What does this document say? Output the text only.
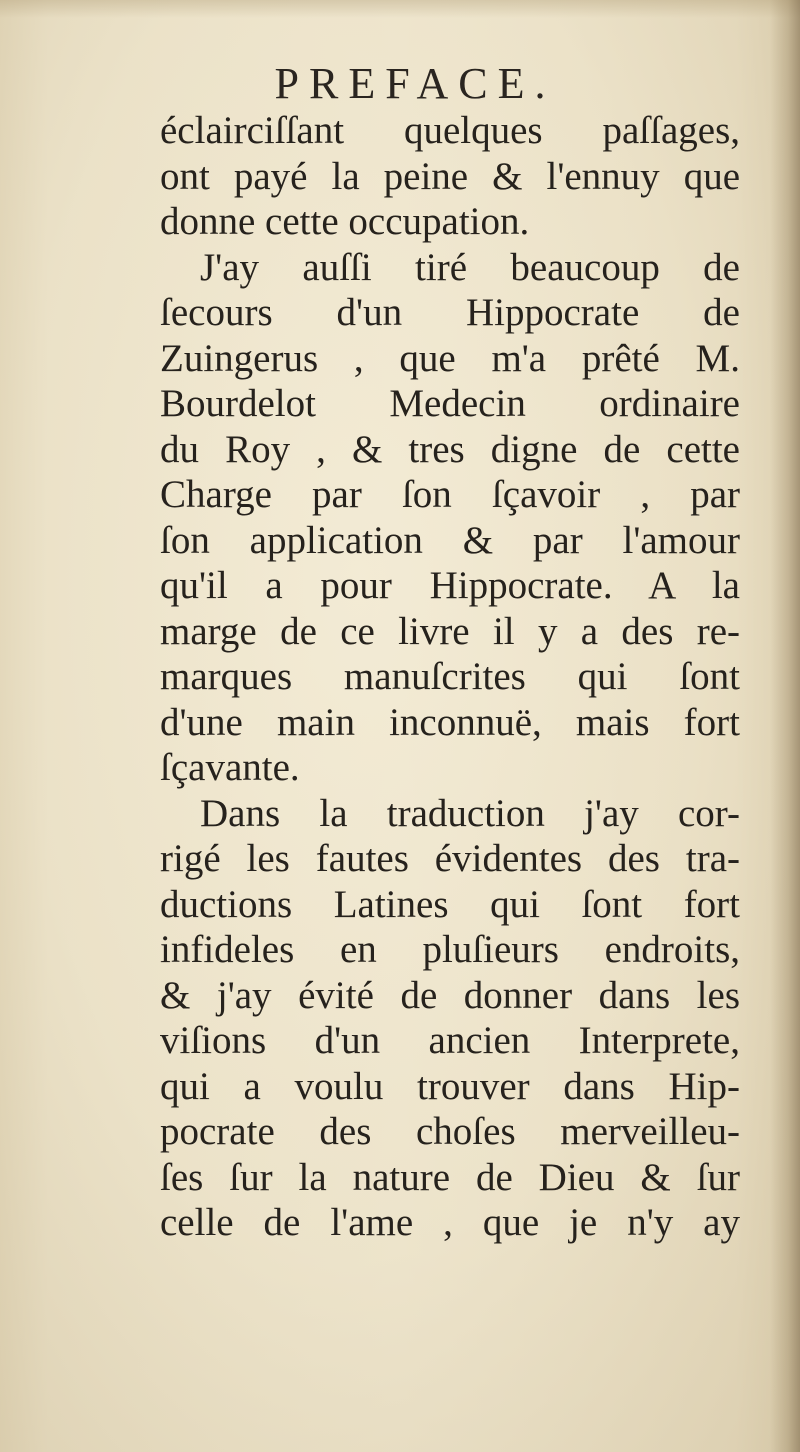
PREFACE.
éclairciſſant quelques paſſages,
ont payé la peine & l'ennuy que
donne cette occupation.
J'ay auſſi tiré beaucoup de
ſecours d'un Hippocrate de
Zuingerus , que m'a prêté M.
Bourdelot Medecin ordinaire
du Roy , & tres digne de cette
Charge par ſon ſçavoir , par
ſon application & par l'amour
qu'il a pour Hippocrate. A la
marge de ce livre il y a des re-
marques manuſcrites qui ſont
d'une main inconnuë, mais fort
ſçavante.
Dans la traduction j'ay cor-
rigé les fautes évidentes des tra-
ductions Latines qui ſont fort
infideles en pluſieurs endroits,
& j'ay évité de donner dans les
viſions d'un ancien Interprete,
qui a voulu trouver dans Hip-
pocrate des choſes merveilleu-
ſes ſur la nature de Dieu & ſur
celle de l'ame , que je n'y ay
